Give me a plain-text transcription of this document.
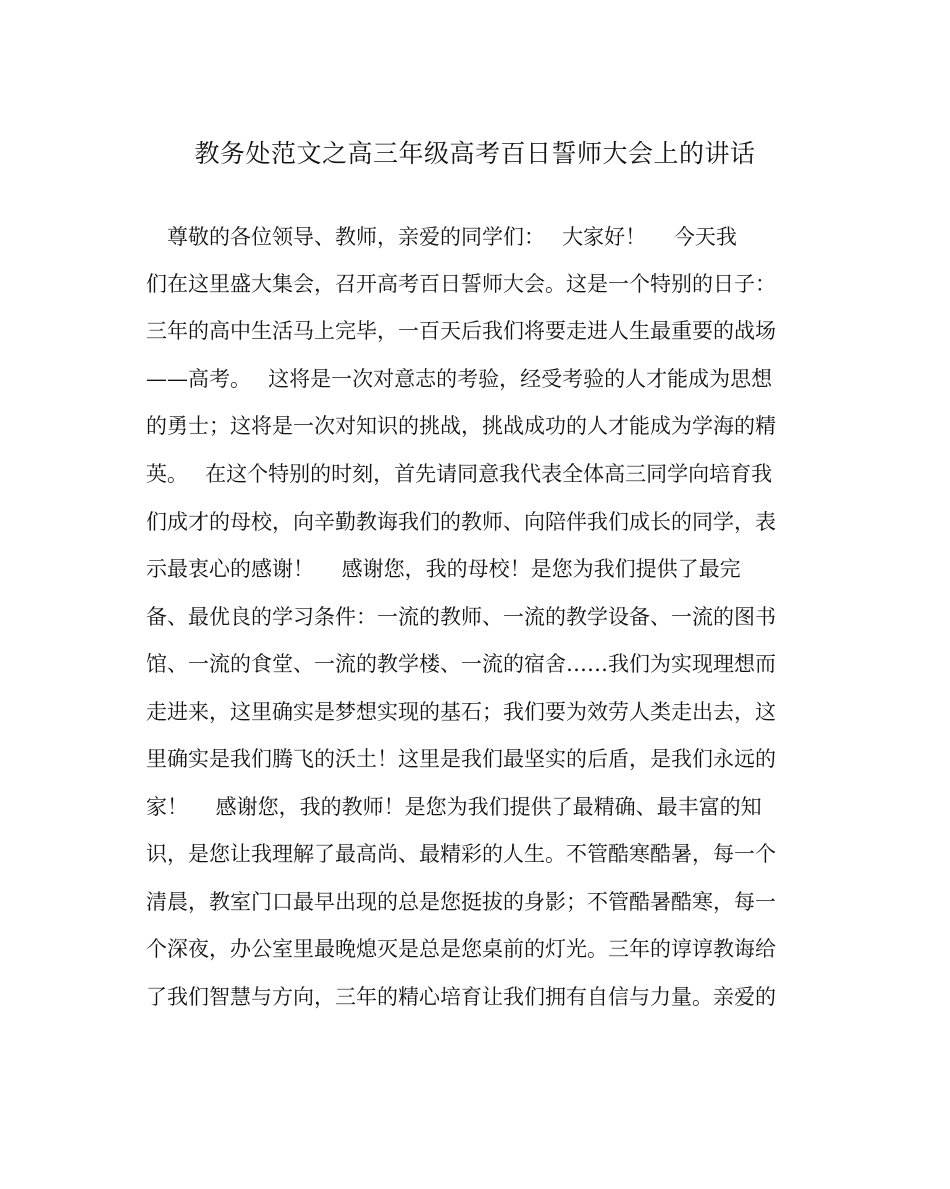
教务处范文之高三年级高考百日誓师大会上的讲话
　尊敬的各位领导、教师，亲爱的同学们：　 大家好！　 今天我
们在这里盛大集会，召开高考百日誓师大会。这是一个特别的日子：
三年的高中生活马上完毕，一百天后我们将要走进人生最重要的战场
——高考。　 这将是一次对意志的考验，经受考验的人才能成为思想
的勇士；这将是一次对知识的挑战，挑战成功的人才能成为学海的精
英。　 在这个特别的时刻，首先请同意我代表全体高三同学向培育我
们成才的母校，向辛勤教诲我们的教师、向陪伴我们成长的同学，表
示最衷心的感谢！　 感谢您，我的母校！是您为我们提供了最完
备、最优良的学习条件：一流的教师、一流的教学设备、一流的图书
馆、一流的食堂、一流的教学楼、一流的宿舍……我们为实现理想而
走进来，这里确实是梦想实现的基石；我们要为效劳人类走出去，这
里确实是我们腾飞的沃土！这里是我们最坚实的后盾，是我们永远的
家！　 感谢您，我的教师！是您为我们提供了最精确、最丰富的知
识，是您让我理解了最高尚、最精彩的人生。不管酷寒酷暑，每一个
清晨，教室门口最早出现的总是您挺拔的身影；不管酷暑酷寒，每一
个深夜，办公室里最晚熄灭是总是您桌前的灯光。三年的谆谆教诲给
了我们智慧与方向，三年的精心培育让我们拥有自信与力量。亲爱的
